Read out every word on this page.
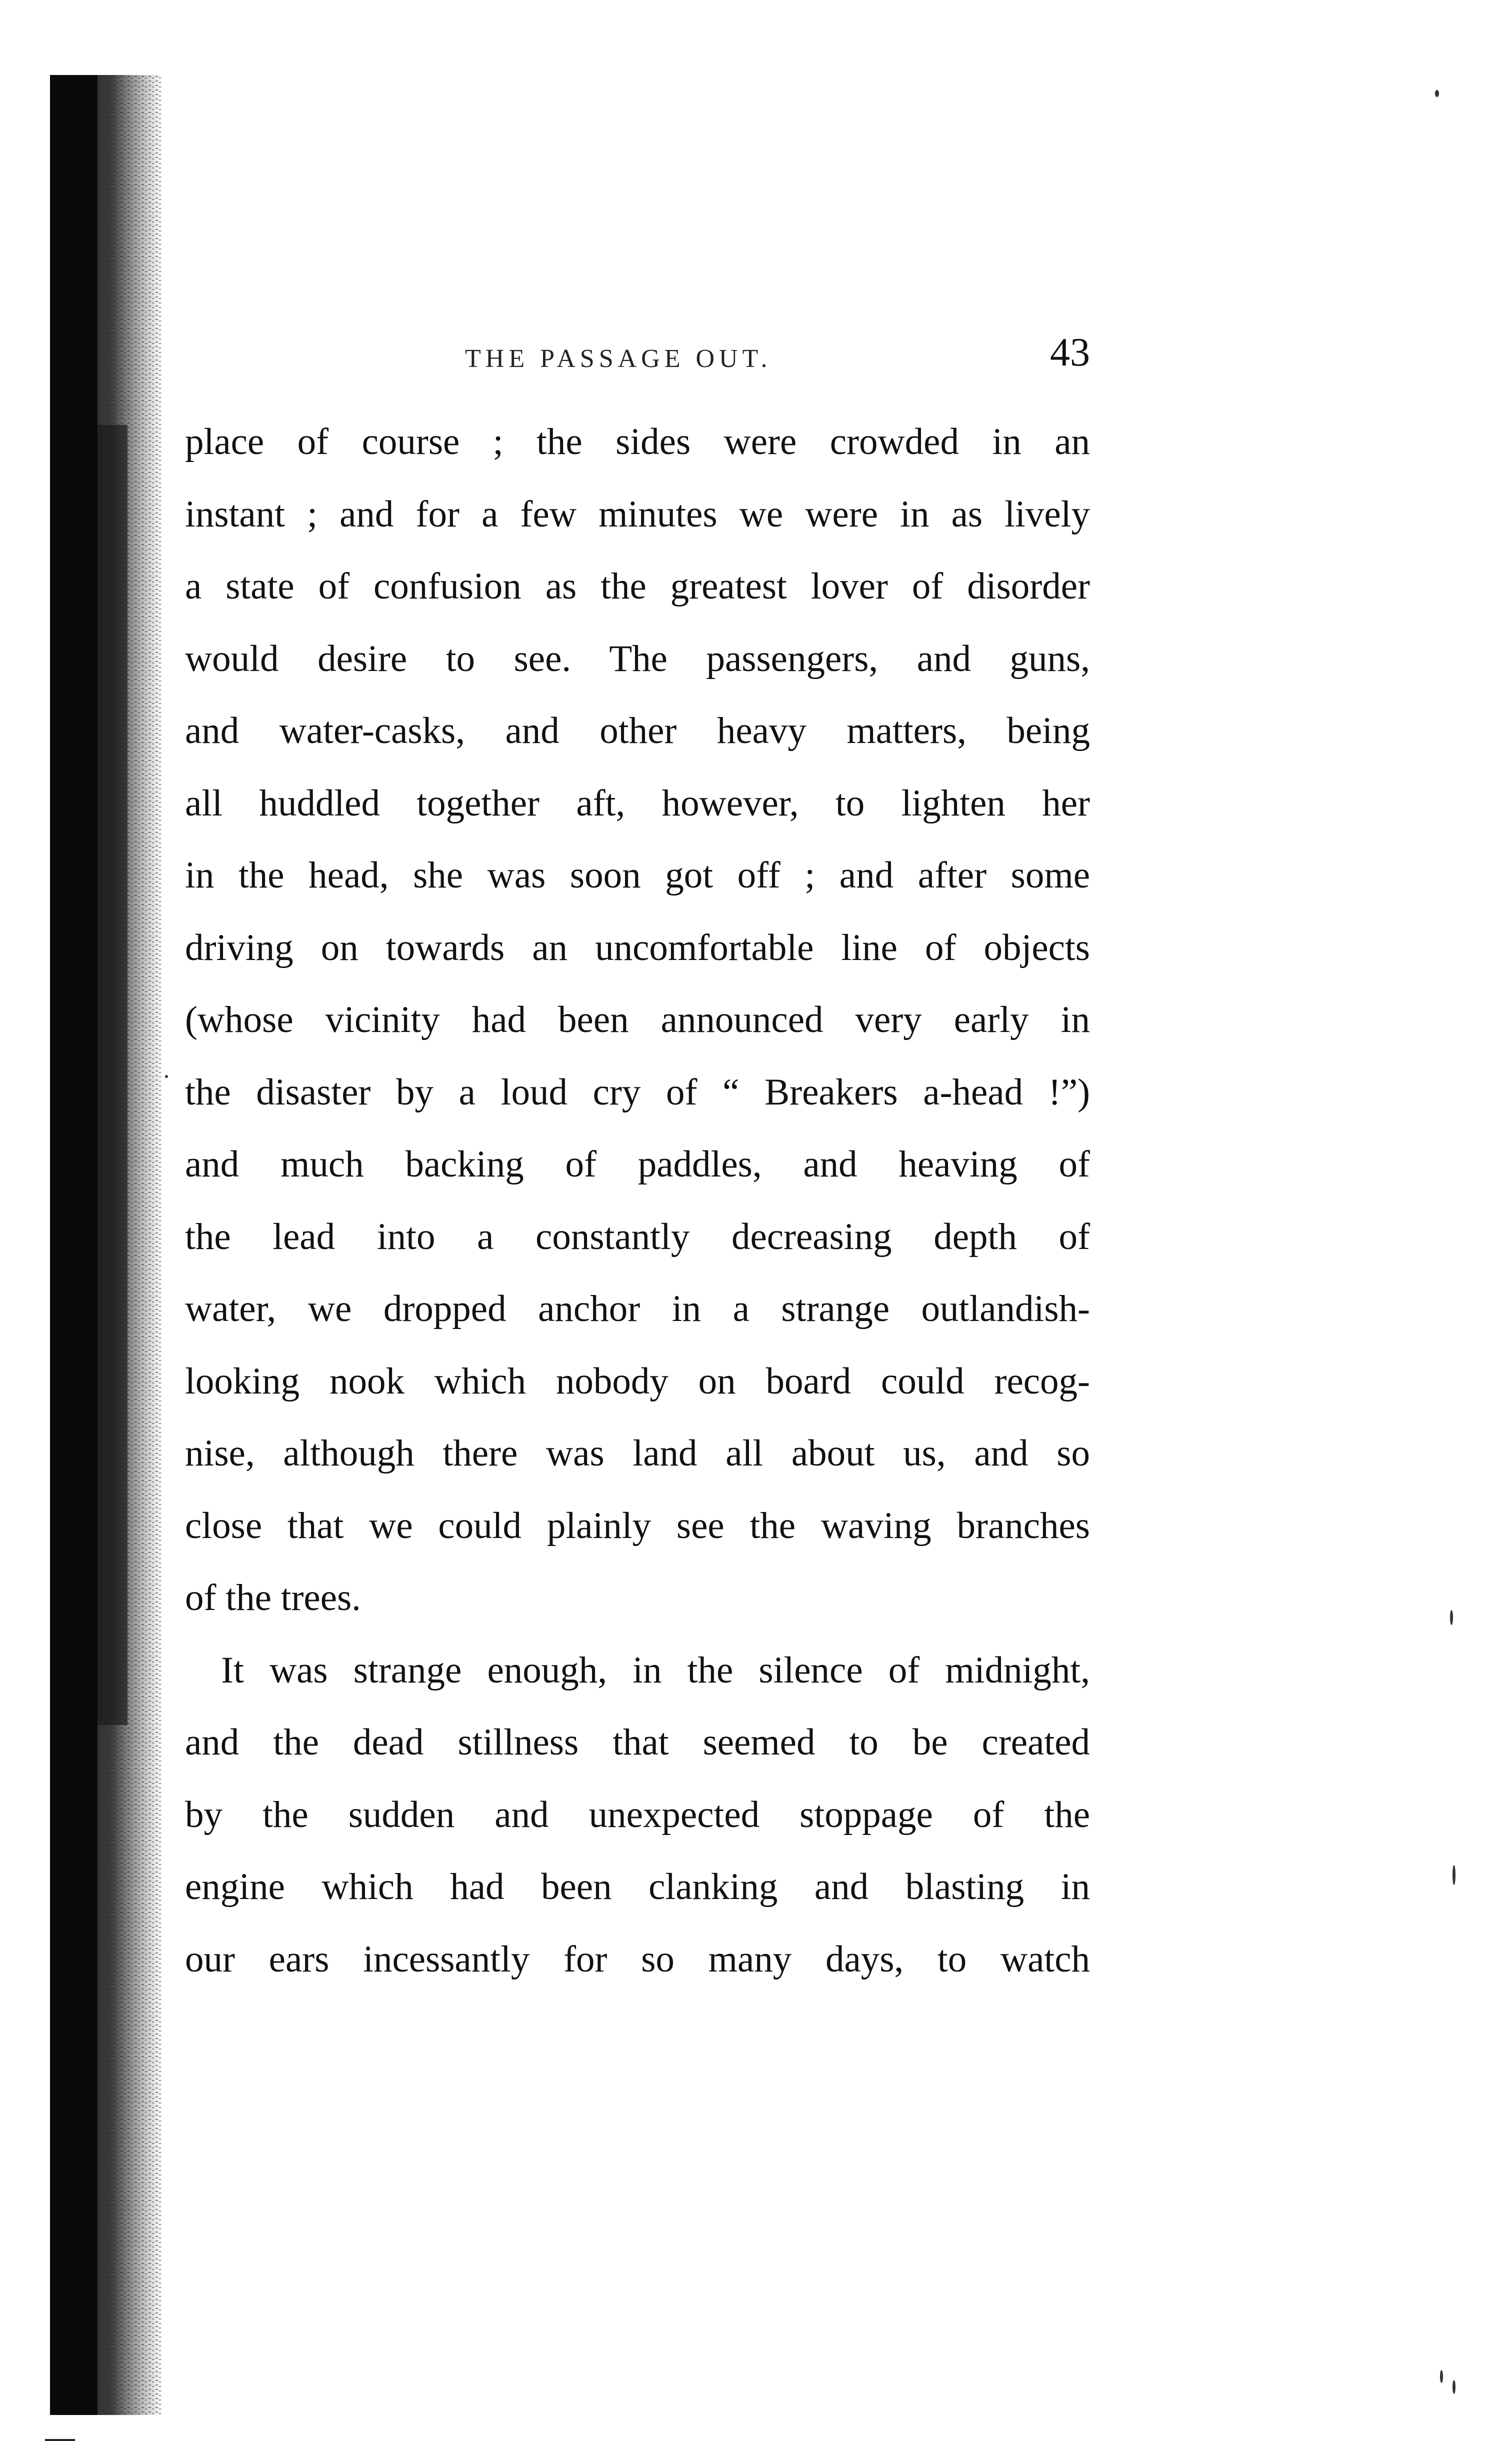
THE PASSAGE OUT.	43
place of course ; the sides were crowded in an
instant ; and for a few minutes we were in as lively
a state of confusion as the greatest lover of disorder
would desire to see. The passengers, and guns,
and water-casks, and other heavy matters, being
all huddled together aft, however, to lighten her
in the head, she was soon got off ; and after some
driving on towards an uncomfortable line of objects
(whose vicinity had been announced very early in
the disaster by a loud cry of “ Breakers a-head !”)
and much backing of paddles, and heaving of
the lead into a constantly decreasing depth of
water, we dropped anchor in a strange outlandish-
looking nook which nobody on board could recog-
nise, although there was land all about us, and so
close that we could plainly see the waving branches
of the trees.
It was strange enough, in the silence of midnight,
and the dead stillness that seemed to be created
by the sudden and unexpected stoppage of the
engine which had been clanking and blasting in
our ears incessantly for so many days, to watch
